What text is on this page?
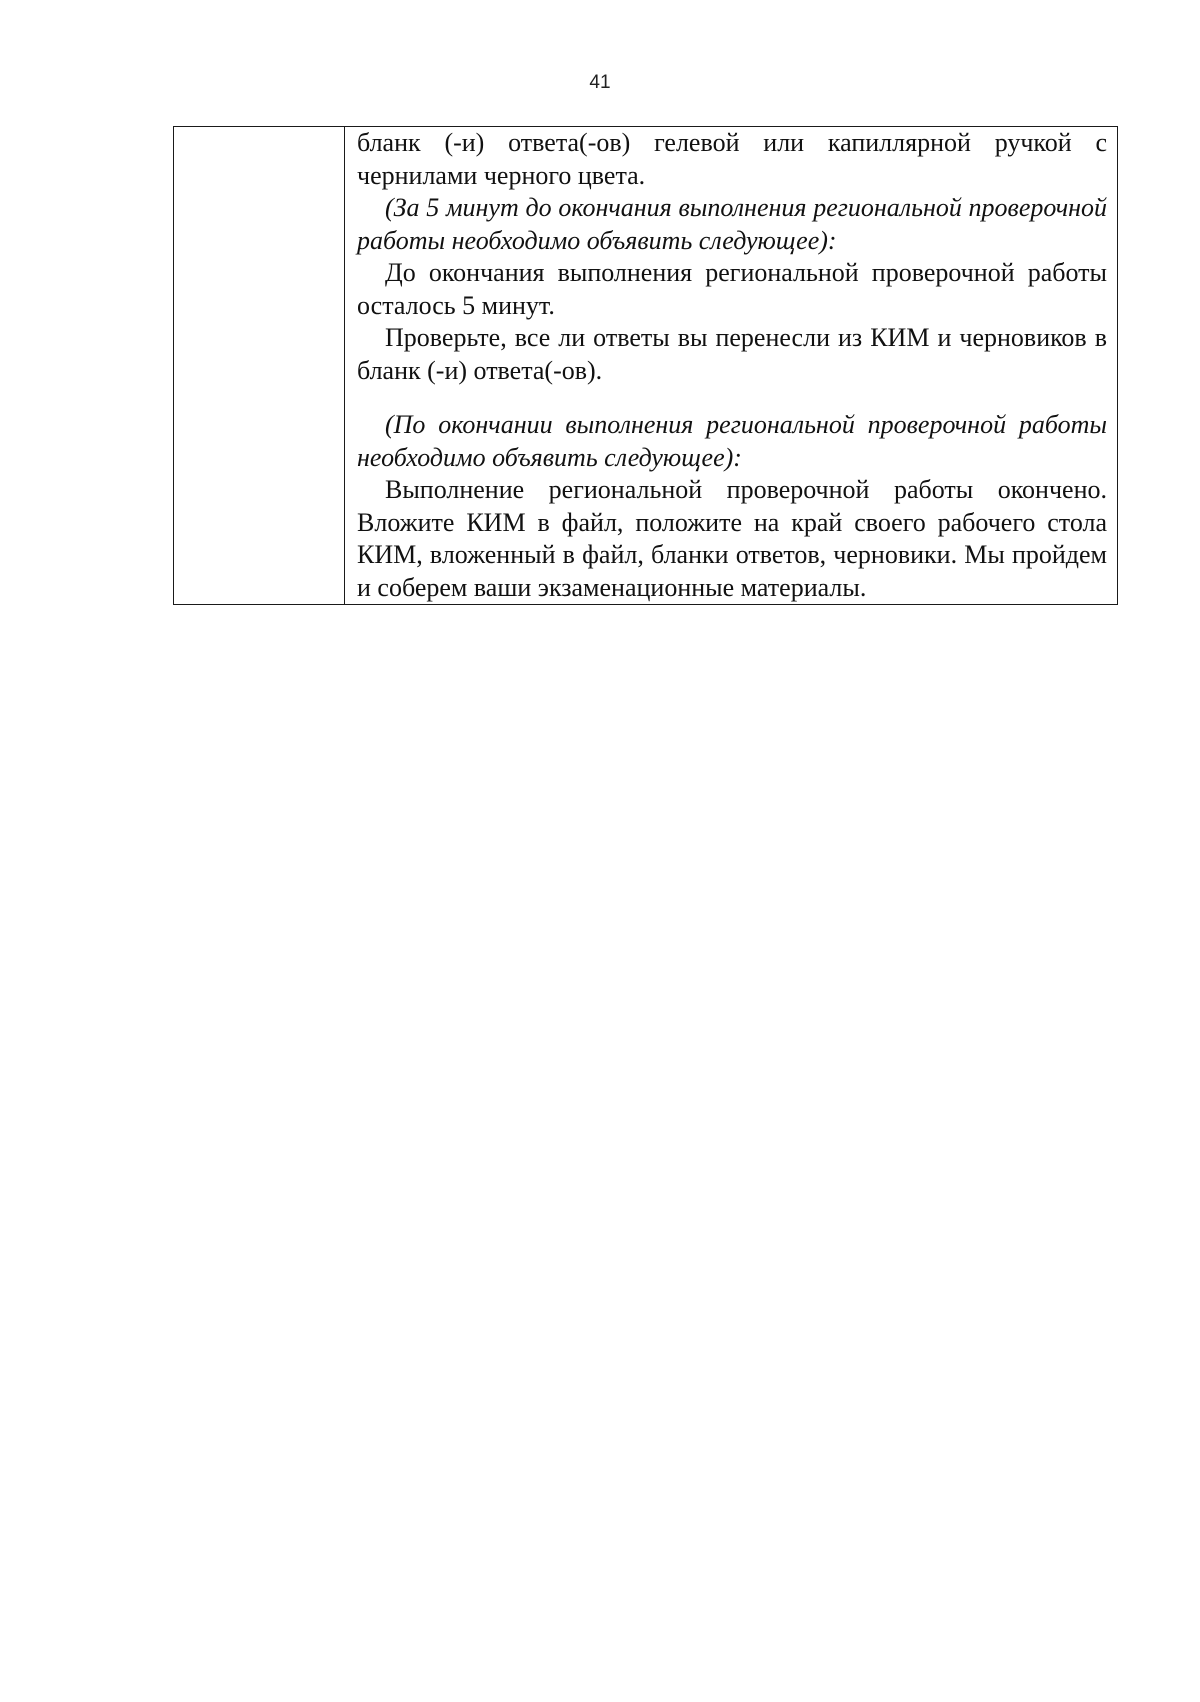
41

бланк (-и) ответа(-ов) гелевой или капиллярной ручкой с чернилами черного цвета.

(За 5 минут до окончания выполнения региональной проверочной работы необходимо объявить следующее):

До окончания выполнения региональной проверочной работы осталось 5 минут.

Проверьте, все ли ответы вы перенесли из КИМ и черновиков в бланк (-и) ответа(-ов).

(По окончании выполнения региональной проверочной работы необходимо объявить следующее):

Выполнение региональной проверочной работы окончено. Вложите КИМ в файл, положите на край своего рабочего стола КИМ, вложенный в файл, бланки ответов, черновики. Мы пройдем и соберем ваши экзаменационные материалы.
